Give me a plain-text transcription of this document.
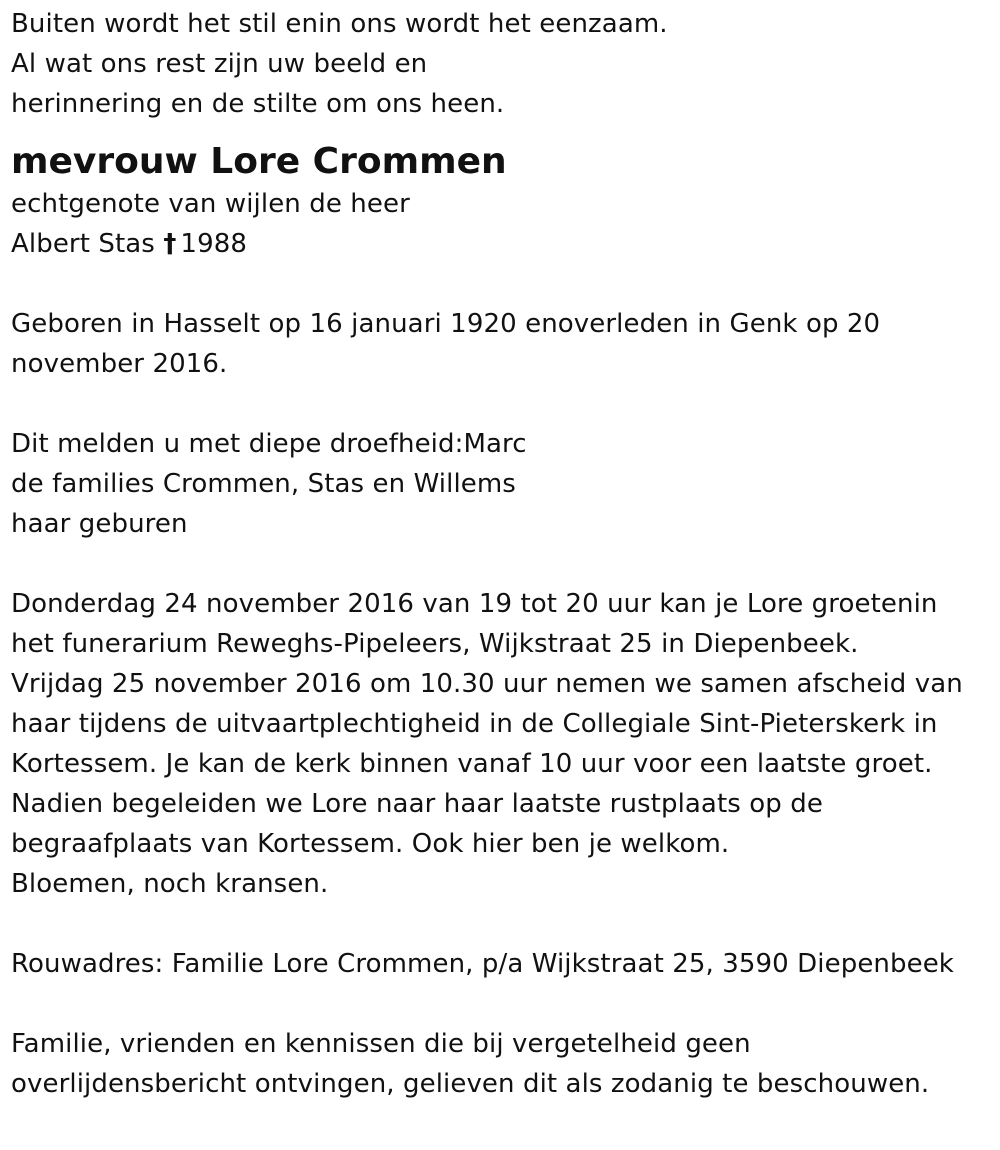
Buiten wordt het stil enin ons wordt het eenzaam.
Al wat ons rest zijn uw beeld en
herinnering en de stilte om ons heen.
mevrouw Lore Crommen
echtgenote van wijlen de heer
Albert Stas † 1988
Geboren in Hasselt op 16 januari 1920 enoverleden in Genk op 20
november 2016.
Dit melden u met diepe droefheid:Marc
de families Crommen, Stas en Willems
haar geburen
Donderdag 24 november 2016 van 19 tot 20 uur kan je Lore groetenin
het funerarium Reweghs-Pipeleers, Wijkstraat 25 in Diepenbeek.
Vrijdag 25 november 2016 om 10.30 uur nemen we samen afscheid van
haar tijdens de uitvaartplechtigheid in de Collegiale Sint-Pieterskerk in
Kortessem. Je kan de kerk binnen vanaf 10 uur voor een laatste groet.
Nadien begeleiden we Lore naar haar laatste rustplaats op de
begraafplaats van Kortessem. Ook hier ben je welkom.
Bloemen, noch kransen.
Rouwadres: Familie Lore Crommen, p/a Wijkstraat 25, 3590 Diepenbeek
Familie, vrienden en kennissen die bij vergetelheid geen
overlijdensbericht ontvingen, gelieven dit als zodanig te beschouwen.
